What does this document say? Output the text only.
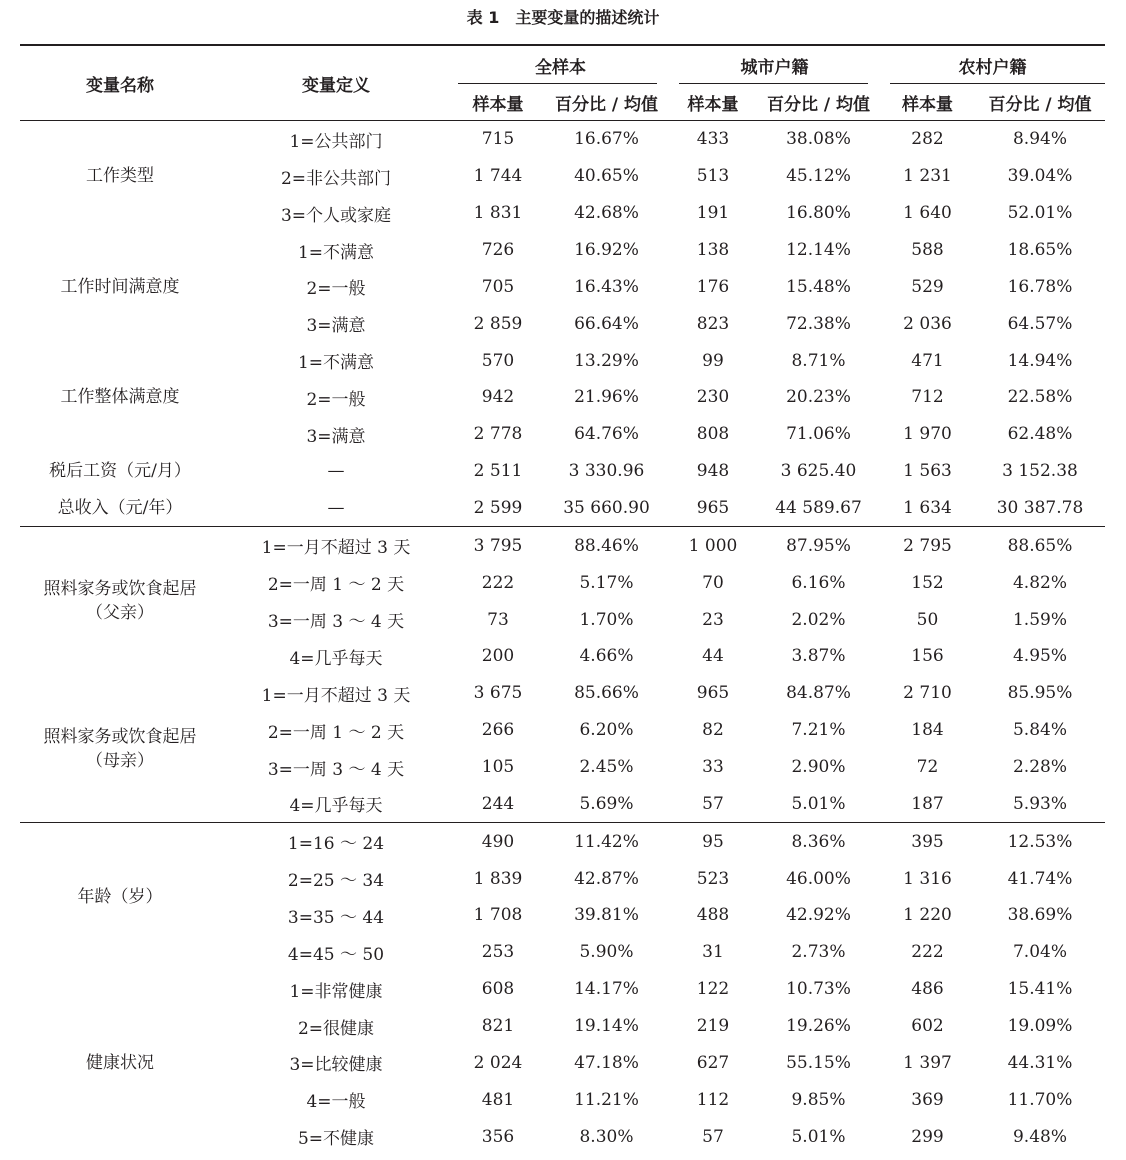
表 1 主要变量的描述统计
变量名称	变量定义	全样本		城市户籍		农村户籍	
		样本量	百分比 / 均值	样本量	百分比 / 均值	样本量	百分比 / 均值

工作类型	1=公共部门	715	16.67%	433	38.08%	282	8.94%
	2=非公共部门	1 744	40.65%	513	45.12%	1 231	39.04%
	3=个人或家庭	1 831	42.68%	191	16.80%	1 640	52.01%

工作时间满意度	1=不满意	726	16.92%	138	12.14%	588	18.65%
	2=一般	705	16.43%	176	15.48%	529	16.78%
	3=满意	2 859	66.64%	823	72.38%	2 036	64.57%

工作整体满意度	1=不满意	570	13.29%	99	8.71%	471	14.94%
	2=一般	942	21.96%	230	20.23%	712	22.58%
	3=满意	2 778	64.76%	808	71.06%	1 970	62.48%

税后工资（元/月）	—	2 511	3 330.96	948	3 625.40	1 563	3 152.38

总收入（元/年）	—	2 599	35 660.90	965	44 589.67	1 634	30 387.78

照料家务或饮食起居
（父亲）	1=一月不超过 3 天	3 795	88.46%	1 000	87.95%	2 795	88.65%
	2=一周 1 ～ 2 天	222	5.17%	70	6.16%	152	4.82%
	3=一周 3 ～ 4 天	73	1.70%	23	2.02%	50	1.59%
	4=几乎每天	200	4.66%	44	3.87%	156	4.95%

照料家务或饮食起居
（母亲）	1=一月不超过 3 天	3 675	85.66%	965	84.87%	2 710	85.95%
	2=一周 1 ～ 2 天	266	6.20%	82	7.21%	184	5.84%
	3=一周 3 ～ 4 天	105	2.45%	33	2.90%	72	2.28%
	4=几乎每天	244	5.69%	57	5.01%	187	5.93%

年龄（岁）	1=16 ～ 24	490	11.42%	95	8.36%	395	12.53%
	2=25 ～ 34	1 839	42.87%	523	46.00%	1 316	41.74%
	3=35 ～ 44	1 708	39.81%	488	42.92%	1 220	38.69%
	4=45 ～ 50	253	5.90%	31	2.73%	222	7.04%

健康状况	1=非常健康	608	14.17%	122	10.73%	486	15.41%
	2=很健康	821	19.14%	219	19.26%	602	19.09%
	3=比较健康	2 024	47.18%	627	55.15%	1 397	44.31%
	4=一般	481	11.21%	112	9.85%	369	11.70%
	5=不健康	356	8.30%	57	5.01%	299	9.48%
